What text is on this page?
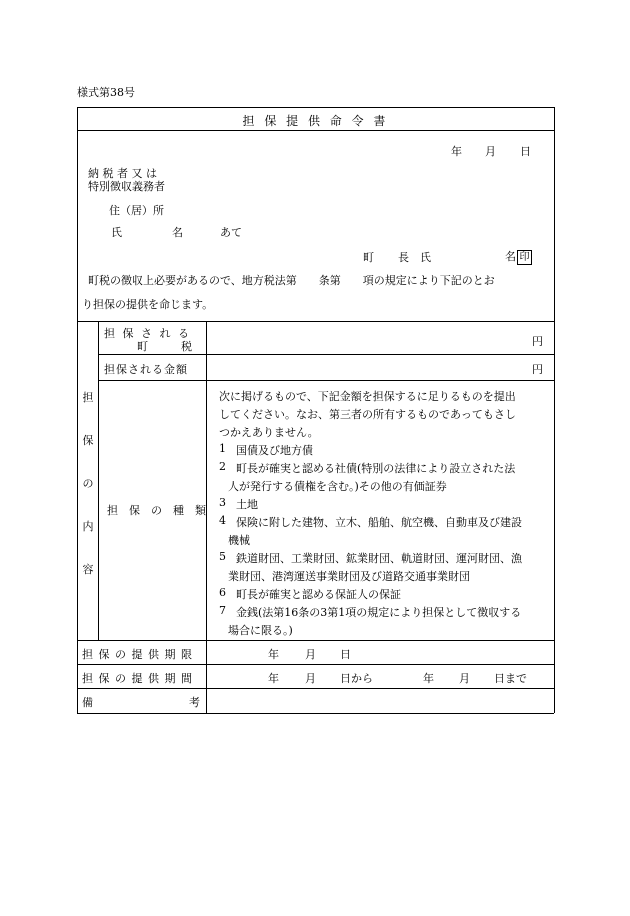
様式第38号
担 保 提 供 命 令 書
年 月 日
納 税 者 又 は
特別徴収義務者
住（居）所
氏	名	あて
町 長 氏	名 印
町税の徴収上必要があるので、地方税法第　　条第　　項の規定により下記のとお
り担保の提供を命じます。
担
保
の
内
容
担 保 さ れ る
町　　　税	円
担保される金額	円
担　保　の　種　類
次に掲げるもので、下記金額を担保するに足りるものを提出
してください。なお、第三者の所有するものであってもさし
つかえありません。
1 国債及び地方債
2 町長が確実と認める社債(特別の法律により設立された法
人が発行する債権を含む。)その他の有価証券
3 土地
4 保険に附した建物、立木、船舶、航空機、自動車及び建設
機械
5 鉄道財団、工業財団、鉱業財団、軌道財団、運河財団、漁
業財団、港湾運送事業財団及び道路交通事業財団
6 町長が確実と認める保証人の保証
7 金銭(法第16条の3第1項の規定により担保として徴収する
場合に限る。)
担 保 の 提 供 期 限	年 月 日
担 保 の 提 供 期 間	年 月 日から	年 月 日まで
備	考
